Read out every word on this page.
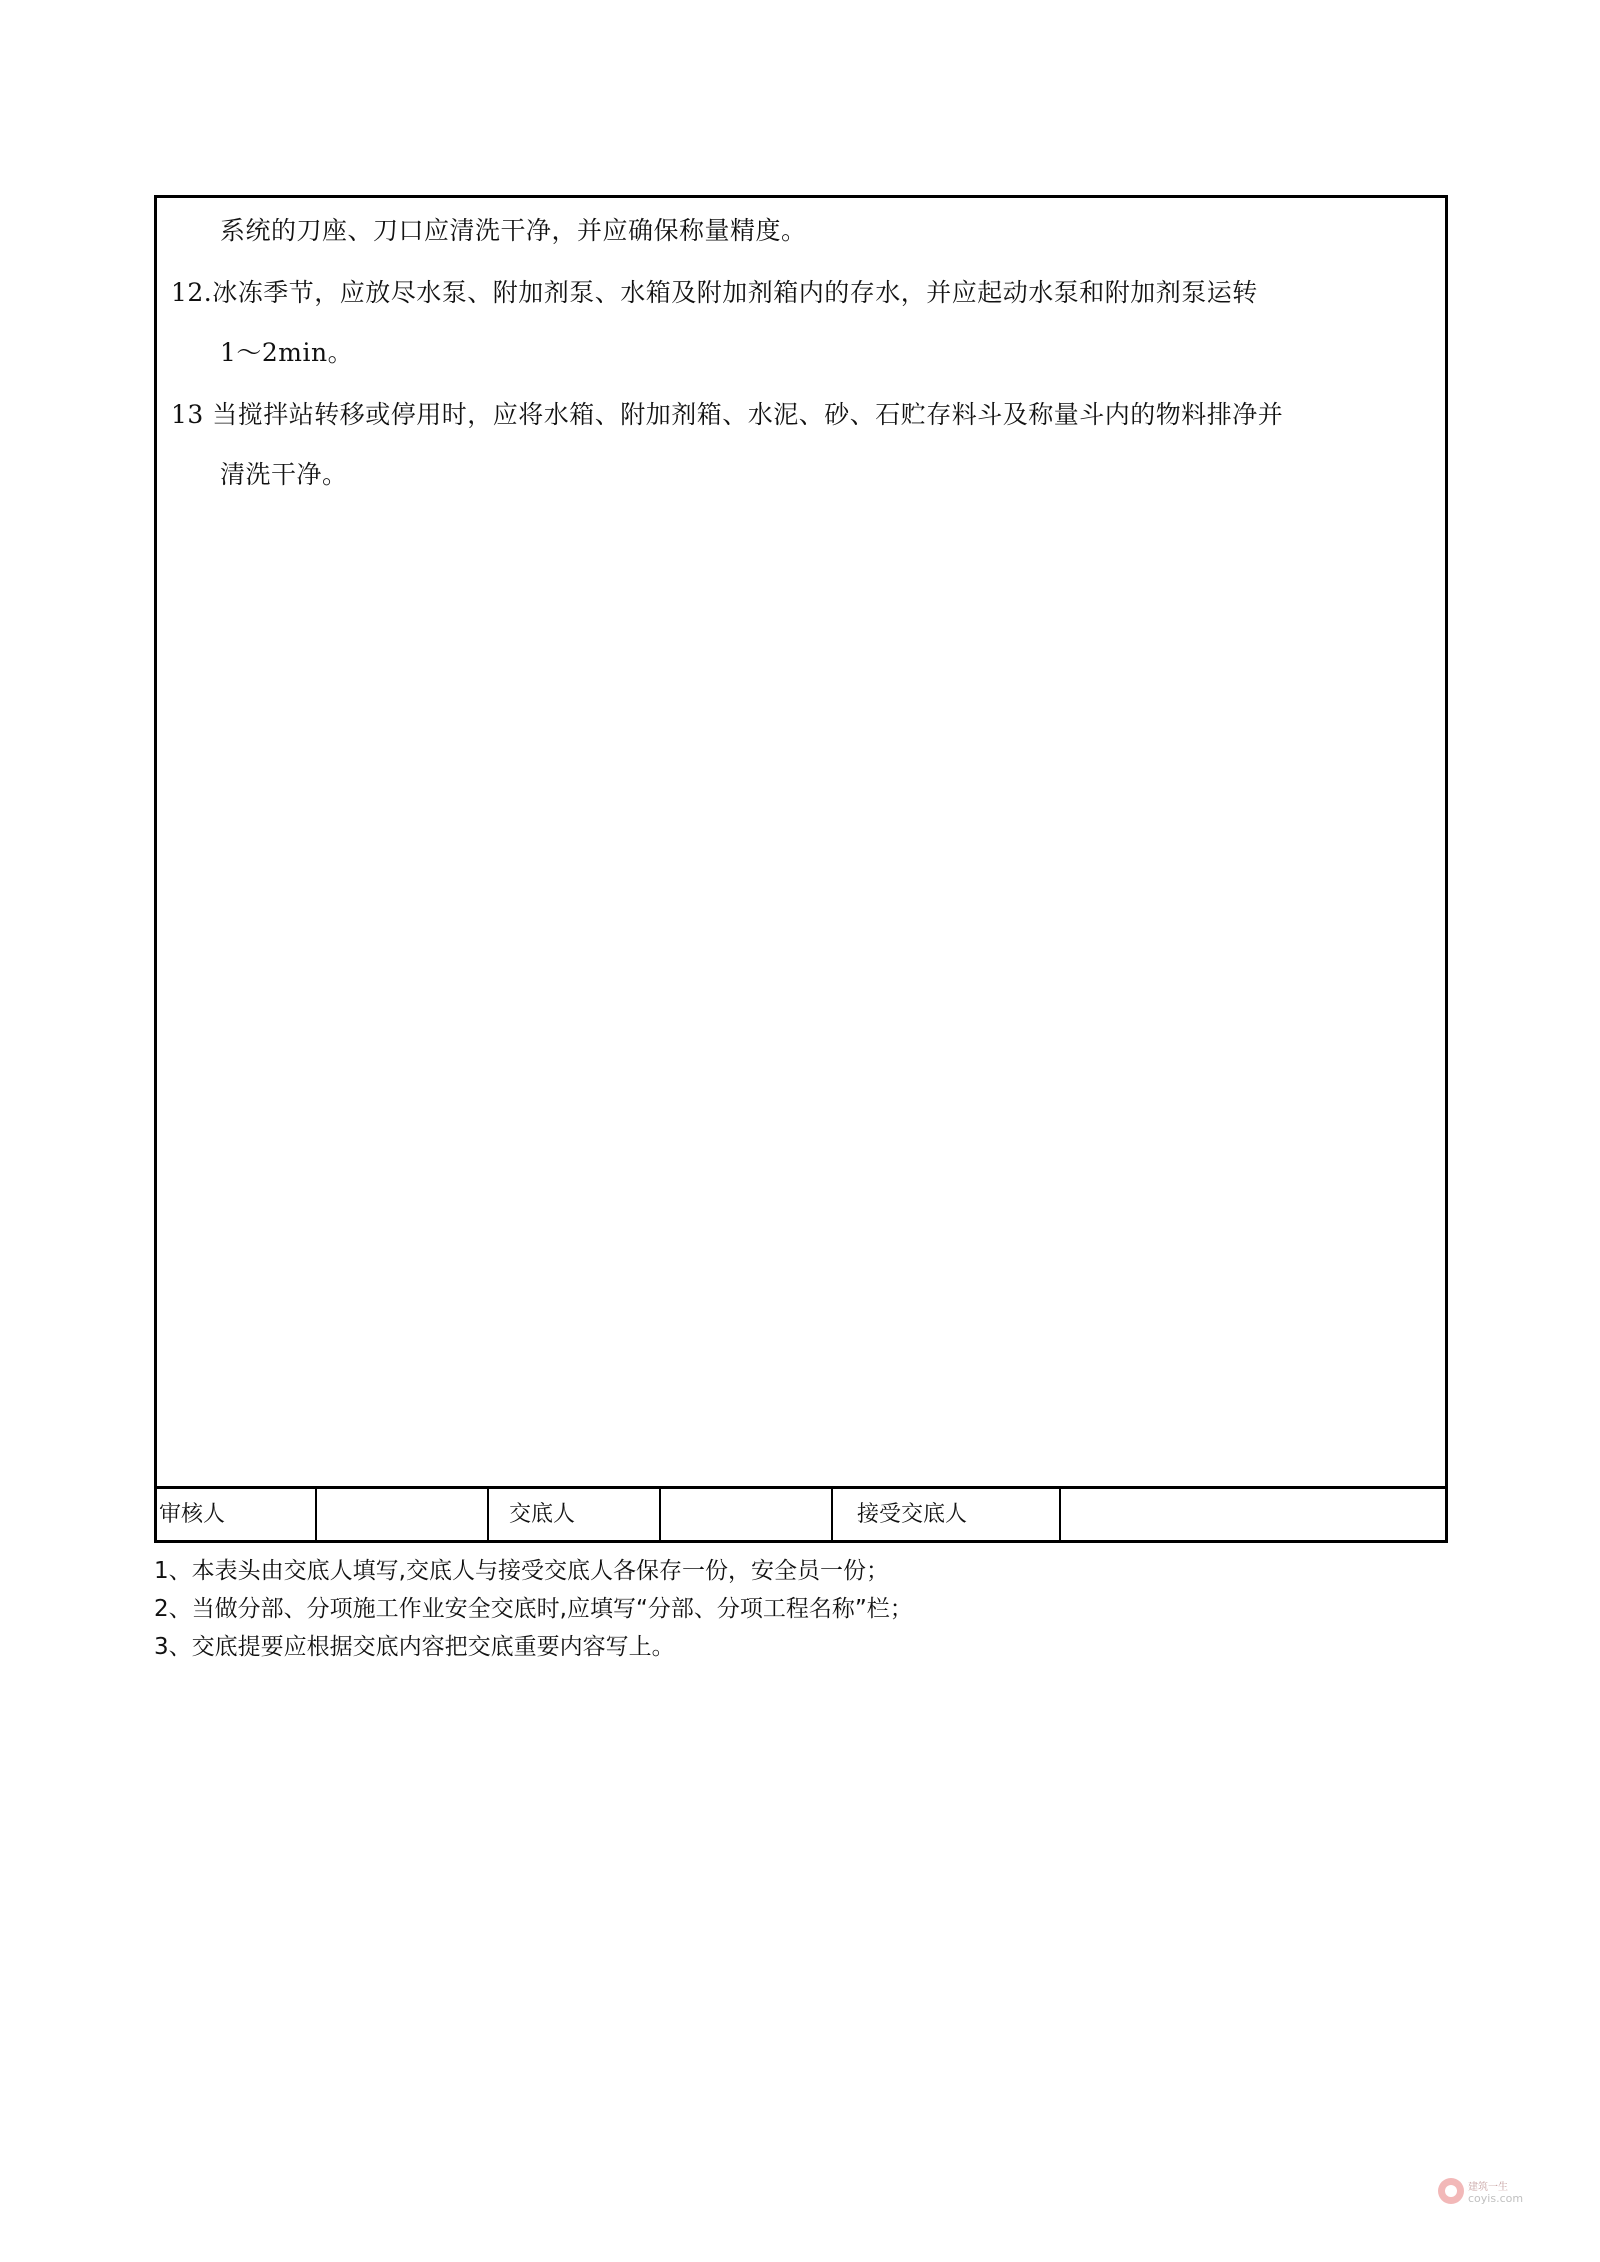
系统的刀座、刀口应清洗干净，并应确保称量精度。
12.冰冻季节，应放尽水泵、附加剂泵、水箱及附加剂箱内的存水，并应起动水泵和附加剂泵运转
1～2min。
13 当搅拌站转移或停用时，应将水箱、附加剂箱、水泥、砂、石贮存料斗及称量斗内的物料排净并
清洗干净。
审核人	交底人	接受交底人
1、本表头由交底人填写,交底人与接受交底人各保存一份，安全员一份；
2、当做分部、分项施工作业安全交底时,应填写“分部、分项工程名称”栏；
3、交底提要应根据交底内容把交底重要内容写上。
建筑一生
coyis.com
